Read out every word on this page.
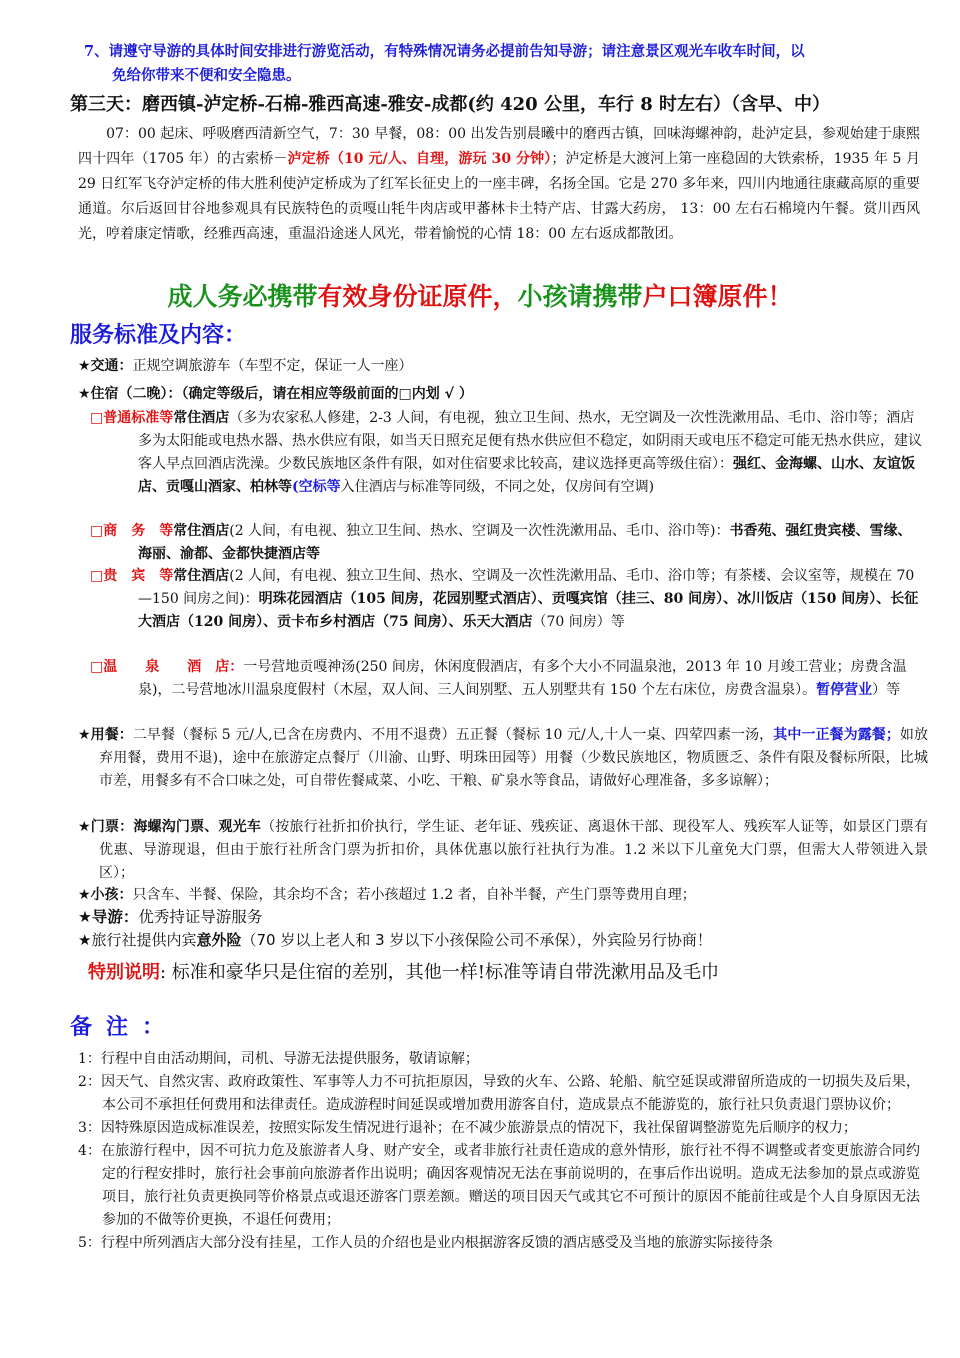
7、请遵守导游的具体时间安排进行游览活动，有特殊情况请务必提前告知导游；请注意景区观光车收车时间，以
免给你带来不便和安全隐患。
第三天：磨西镇-泸定桥-石棉-雅西高速-雅安-成都(约 420 公里，车行 8 时左右）（含早、中）
　　07：00 起床、呼吸磨西清新空气，7：30 早餐，08：00 出发告别晨曦中的磨西古镇，回味海螺神韵，赴泸定县，参观始建于康熙四十四年（1705 年）的古索桥－泸定桥（10 元/人、自理，游玩 30 分钟）；泸定桥是大渡河上第一座稳固的大铁索桥，1935 年 5 月 29 日红军飞夺泸定桥的伟大胜利使泸定桥成为了红军长征史上的一座丰碑，名扬全国。它是 270 多年来，四川内地通往康藏高原的重要通道。尔后返回甘谷地参观具有民族特色的贡嘎山牦牛肉店或甲蕃林卡土特产店、甘露大药房， 13：00 左右石棉境内午餐。赏川西风光，哼着康定情歌，经雅西高速，重温沿途迷人风光，带着愉悦的心情 18：00 左右返成都散团。
成人务必携带有效身份证原件，小孩请携带户口簿原件！
服务标准及内容：
★交通：正规空调旅游车（车型不定，保证一人一座）
★住宿（二晚）：（确定等级后，请在相应等级前面的□内划 √ ）
□普通标准等常住酒店（多为农家私人修建，2-3 人间，有电视，独立卫生间、热水，无空调及一次性洗漱用品、毛巾、浴巾等；酒店多为太阳能或电热水器、热水供应有限，如当天日照充足便有热水供应但不稳定，如阴雨天或电压不稳定可能无热水供应，建议客人早点回酒店洗澡。少数民族地区条件有限，如对住宿要求比较高，建议选择更高等级住宿）：强红、金海螺、山水、友谊饭店、贡嘎山酒家、柏林等(空标等入住酒店与标准等同级，不同之处，仅房间有空调)
□商　务　等常住酒店(2 人间，有电视、独立卫生间、热水、空调及一次性洗漱用品、毛巾、浴巾等)：书香苑、强红贵宾楼、雪缘、海丽、渝都、金都快捷酒店等
□贵　宾　等常住酒店(2 人间，有电视、独立卫生间、热水、空调及一次性洗漱用品、毛巾、浴巾等；有茶楼、会议室等，规模在 70—150 间房之间)：明珠花园酒店（105 间房，花园别墅式酒店）、贡嘎宾馆（挂三、80 间房）、冰川饭店（150 间房）、长征大酒店（120 间房）、贡卡布乡村酒店（75 间房）、乐天大酒店（70 间房）等
□温　　泉　　酒　店：一号营地贡嘎神汤(250 间房，休闲度假酒店，有多个大小不同温泉池，2013 年 10 月竣工营业；房费含温泉)，二号营地冰川温泉度假村（木屋，双人间、三人间别墅、五人别墅共有 150 个左右床位，房费含温泉）。暂停营业）等
★用餐：二早餐（餐标 5 元/人,已含在房费内、不用不退费）五正餐（餐标 10 元/人,十人一桌、四荤四素一汤，其中一正餐为露餐；如放弃用餐，费用不退)，途中在旅游定点餐厅（川渝、山野、明珠田园等）用餐（少数民族地区，物质匮乏、条件有限及餐标所限，比城市差，用餐多有不合口味之处，可自带佐餐咸菜、小吃、干粮、矿泉水等食品，请做好心理准备，多多谅解）；
★门票：海螺沟门票、观光车（按旅行社折扣价执行，学生证、老年证、残疾证、离退休干部、现役军人、残疾军人证等，如景区门票有优惠、导游现退，但由于旅行社所含门票为折扣价，具体优惠以旅行社执行为准。1.2 米以下儿童免大门票，但需大人带领进入景区）；
★小孩：只含车、半餐、保险，其余均不含；若小孩超过 1.2 者，自补半餐，产生门票等费用自理；
★导游：优秀持证导游服务
★旅行社提供内宾意外险（70 岁以上老人和 3 岁以下小孩保险公司不承保），外宾险另行协商！
特别说明: 标准和豪华只是住宿的差别，其他一样!标准等请自带洗漱用品及毛巾
备注：
1：行程中自由活动期间，司机、导游无法提供服务，敬请谅解；
2：因天气、自然灾害、政府政策性、军事等人力不可抗拒原因，导致的火车、公路、轮船、航空延误或滞留所造成的一切损失及后果，本公司不承担任何费用和法律责任。造成游程时间延误或增加费用游客自付，造成景点不能游览的，旅行社只负责退门票协议价；
3：因特殊原因造成标准误差，按照实际发生情况进行退补；在不减少旅游景点的情况下，我社保留调整游览先后顺序的权力；
4：在旅游行程中，因不可抗力危及旅游者人身、财产安全，或者非旅行社责任造成的意外情形，旅行社不得不调整或者变更旅游合同约定的行程安排时，旅行社会事前向旅游者作出说明；确因客观情况无法在事前说明的，在事后作出说明。造成无法参加的景点或游览项目，旅行社负责更换同等价格景点或退还游客门票差额。赠送的项目因天气或其它不可预计的原因不能前往或是个人自身原因无法参加的不做等价更换，不退任何费用；
5：行程中所列酒店大部分没有挂星，工作人员的介绍也是业内根据游客反馈的酒店感受及当地的旅游实际接待条
